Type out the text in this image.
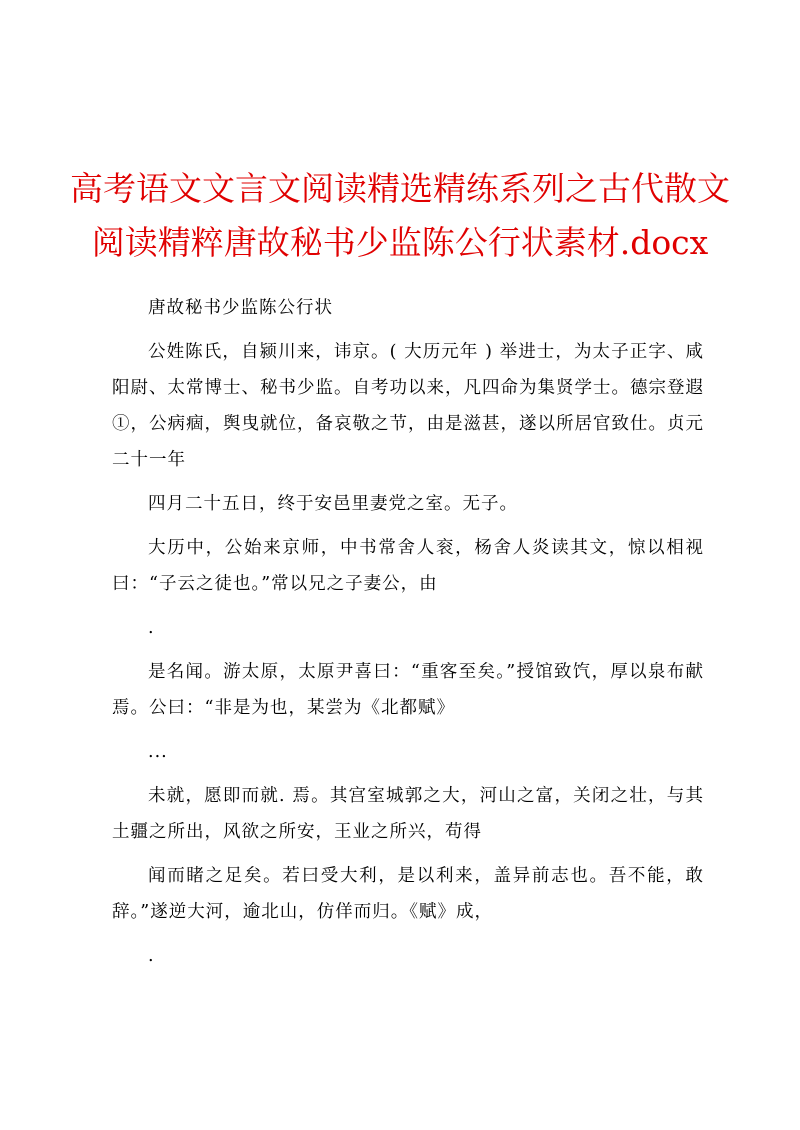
高考语文文言文阅读精选精练系列之古代散文
阅读精粹唐故秘书少监陈公行状素材.docx

唐故秘书少监陈公行状

公姓陈氏，自颍川来，讳京。( 大历元年 ) 举进士，为太子正字、咸阳尉、太常博士、秘书少监。自考功以来，凡四命为集贤学士。德宗登遐①，公病痼，舆曳就位，备哀敬之节，由是滋甚，遂以所居官致仕。贞元二十一年

四月二十五日，终于安邑里妻党之室。无子。

大历中，公始来京师，中书常舍人衮，杨舍人炎读其文，惊以相视曰：“子云之徒也。”常以兄之子妻公，由

.

是名闻。游太原，太原尹喜曰：“重客至矣。”授馆致饩，厚以泉布献焉。公曰：“非是为也，某尝为《北都赋》

...

未就，愿即而就. 焉。其宫室城郭之大，河山之富，关闭之壮，与其土疆之所出，风欲之所安，王业之所兴，苟得

闻而睹之足矣。若曰受大利，是以利来，盖异前志也。吾不能，敢辞。”遂逆大河，逾北山，仿佯而归。《赋》成，

.
